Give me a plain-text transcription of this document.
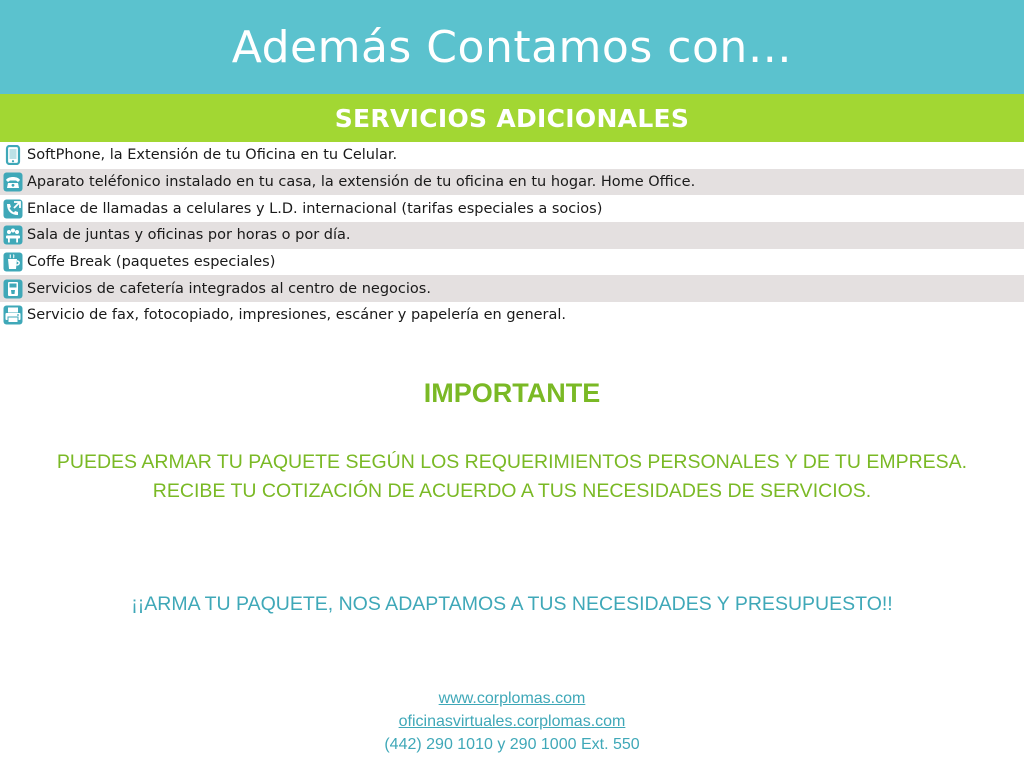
Además Contamos con…
SERVICIOS ADICIONALES
SoftPhone, la Extensión de tu Oficina en tu Celular.
Aparato teléfonico instalado en tu casa, la extensión de tu oficina en tu hogar. Home Office.
Enlace de llamadas a celulares y L.D. internacional (tarifas especiales a socios)
Sala de juntas y oficinas por horas o por día.
Coffe Break (paquetes especiales)
Servicios de cafetería integrados al centro de negocios.
Servicio de fax, fotocopiado, impresiones, escáner y papelería en general.
IMPORTANTE
PUEDES ARMAR TU PAQUETE SEGÚN LOS REQUERIMIENTOS PERSONALES Y DE TU EMPRESA.
RECIBE TU COTIZACIÓN DE ACUERDO A TUS NECESIDADES DE SERVICIOS.
¡¡ARMA TU PAQUETE, NOS ADAPTAMOS A TUS NECESIDADES Y PRESUPUESTO!!
www.corplomas.com
oficinasvirtuales.corplomas.com
(442) 290 1010 y 290 1000 Ext. 550
